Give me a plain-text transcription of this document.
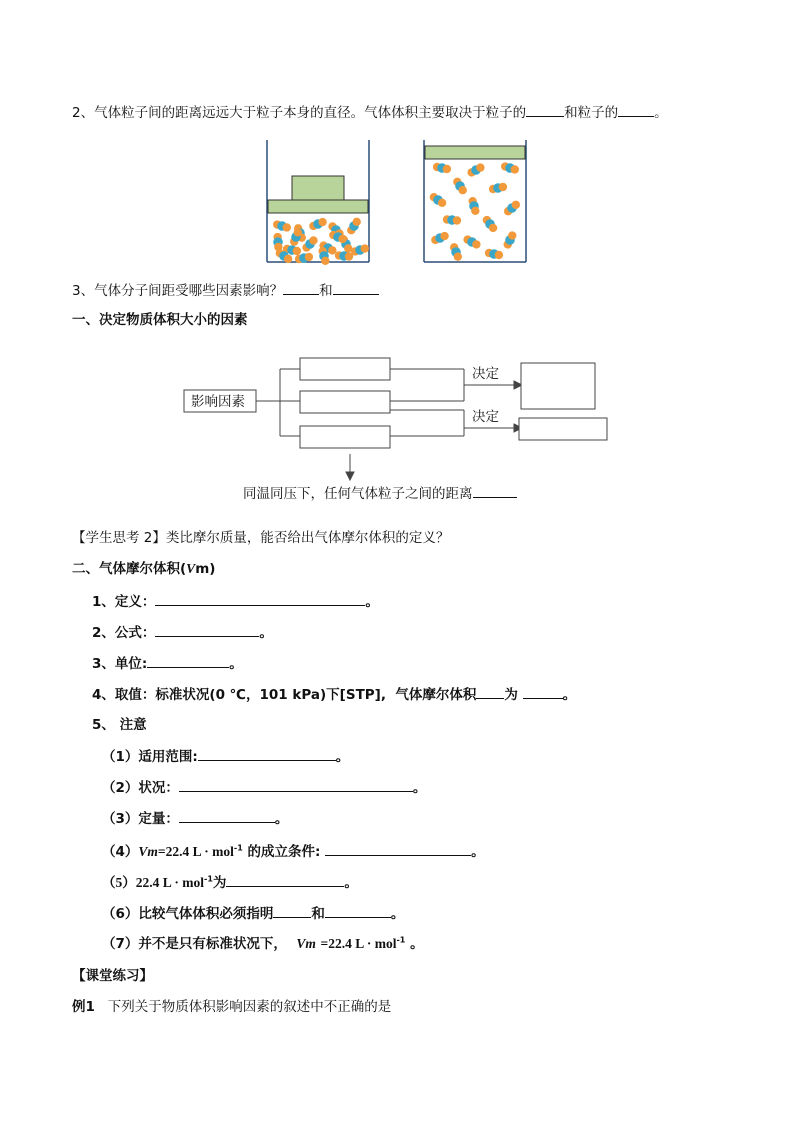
2、气体粒子间的距离远远大于粒子本身的直径。气体体积主要取决于粒子的	和粒子的	。
3、气体分子间距受哪些因素影响？	和
一、决定物质体积大小的因素
影响因素
决定
决定
同温同压下，任何气体粒子之间的距离
【学生思考 2】类比摩尔质量，能否给出气体摩尔体积的定义？
二、气体摩尔体积(Vm)
1、定义：	。
2、公式：	。
3、单位:	。
4、取值：标准状况(0 ℃，101 kPa)下[STP], 气体摩尔体积 为	。
5、 注意
（1）适用范围:	。
（2）状况：	。
（3）定量：	。
（4）Vm=22.4 L · mol$^{-1}$ 的成立条件:	。
（5）22.4 L · mol$^{-1}$为	。
（6）比较气体体积必须指明	和	。
（7）并不是只有标准状况下， Vm =22.4 L · mol$^{-1}$ 。
【课堂练习】
例1 下列关于物质体积影响因素的叙述中不正确的是
